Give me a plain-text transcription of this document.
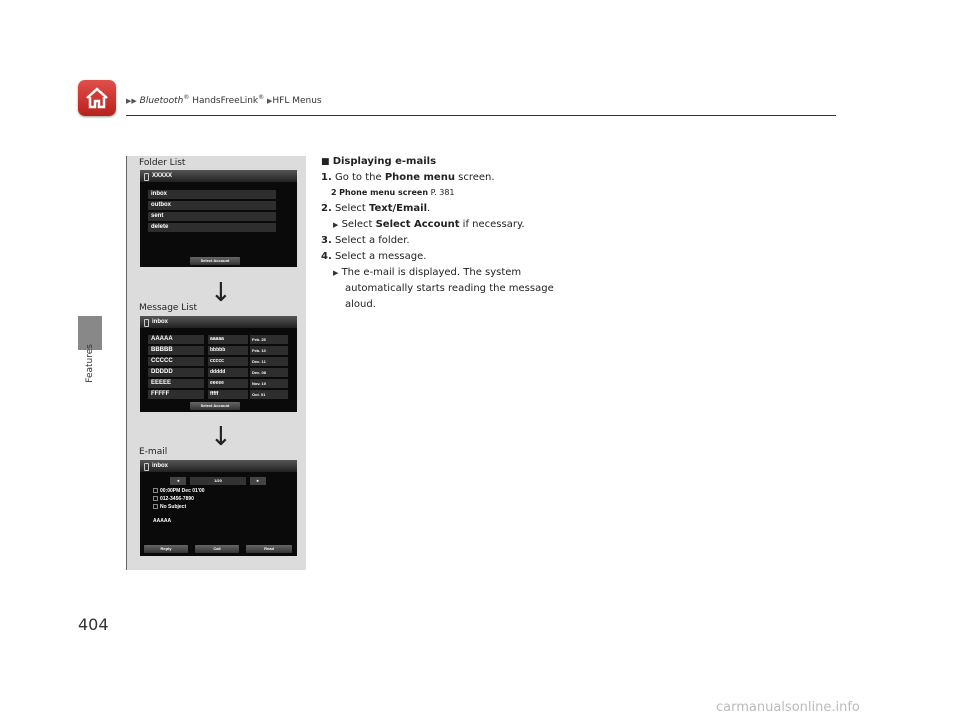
▶▶ Bluetooth® HandsFreeLink® ▶HFL Menus
Features
Folder List
XXXXX
inbox
outbox
sent
delete
Select Account
↓
Message List
inbox
AAAAA	aaaaa	Feb. 25
BBBBB	bbbbb	Feb. 13
CCCCC	ccccc	Dec. 11
DDDDD	ddddd	Dec. 08
EEEEE	eeeee	Nov. 10
FFFFF	fffff	Oct. 01
Select Account
↓
E-mail
inbox
◄	1/20	►
00:00PM Dec 01'00
012-3456-7890
No Subject
AAAAA
Reply	Call	Read
■ Displaying e-mails
1. Go to the Phone menu screen.
2 Phone menu screen P. 381
2. Select Text/Email.
▶ Select Select Account if necessary.
3. Select a folder.
4. Select a message.
▶ The e-mail is displayed. The system
automatically starts reading the message
aloud.
404
carmanualsonline.info
